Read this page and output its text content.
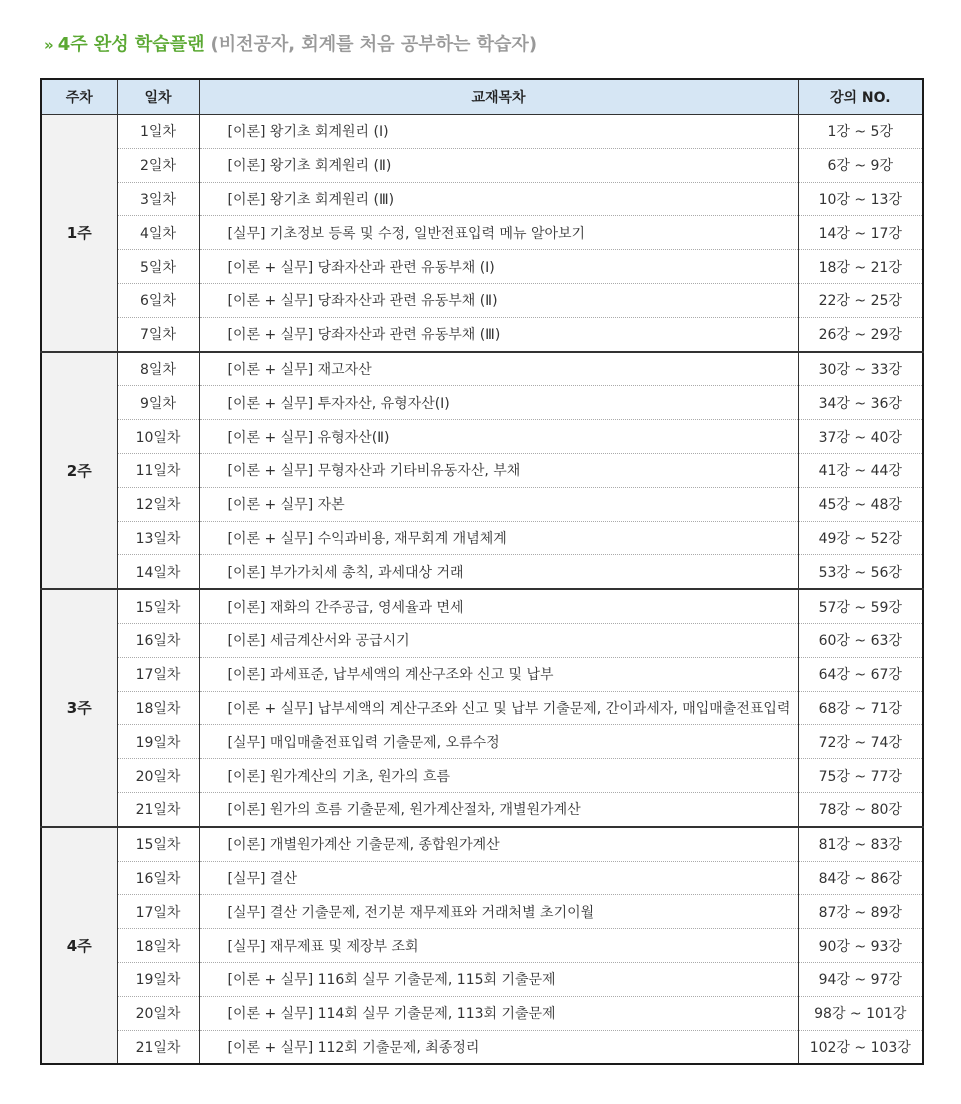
» 4주 완성 학습플랜 (비전공자, 회계를 처음 공부하는 학습자)
주차	일차	교재목차	강의 NO.
1주	1일차	[이론] 왕기초 회계원리 (Ⅰ)	1강 ~ 5강
	2일차	[이론] 왕기초 회계원리 (Ⅱ)	6강 ~ 9강
	3일차	[이론] 왕기초 회계원리 (Ⅲ)	10강 ~ 13강
	4일차	[실무] 기초정보 등록 및 수정, 일반전표입력 메뉴 알아보기	14강 ~ 17강
	5일차	[이론 + 실무] 당좌자산과 관련 유동부채 (Ⅰ)	18강 ~ 21강
	6일차	[이론 + 실무] 당좌자산과 관련 유동부채 (Ⅱ)	22강 ~ 25강
	7일차	[이론 + 실무] 당좌자산과 관련 유동부채 (Ⅲ)	26강 ~ 29강
2주	8일차	[이론 + 실무] 재고자산	30강 ~ 33강
	9일차	[이론 + 실무] 투자자산, 유형자산(Ⅰ)	34강 ~ 36강
	10일차	[이론 + 실무] 유형자산(Ⅱ)	37강 ~ 40강
	11일차	[이론 + 실무] 무형자산과 기타비유동자산, 부채	41강 ~ 44강
	12일차	[이론 + 실무] 자본	45강 ~ 48강
	13일차	[이론 + 실무] 수익과비용, 재무회계 개념체계	49강 ~ 52강
	14일차	[이론] 부가가치세 총칙, 과세대상 거래	53강 ~ 56강
3주	15일차	[이론] 재화의 간주공급, 영세율과 면세	57강 ~ 59강
	16일차	[이론] 세금계산서와 공급시기	60강 ~ 63강
	17일차	[이론] 과세표준, 납부세액의 계산구조와 신고 및 납부	64강 ~ 67강
	18일차	[이론 + 실무] 납부세액의 계산구조와 신고 및 납부 기출문제, 간이과세자, 매입매출전표입력	68강 ~ 71강
	19일차	[실무] 매입매출전표입력 기출문제, 오류수정	72강 ~ 74강
	20일차	[이론] 원가계산의 기초, 원가의 흐름	75강 ~ 77강
	21일차	[이론] 원가의 흐름 기출문제, 원가계산절차, 개별원가계산	78강 ~ 80강
4주	15일차	[이론] 개별원가계산 기출문제, 종합원가계산	81강 ~ 83강
	16일차	[실무] 결산	84강 ~ 86강
	17일차	[실무] 결산 기출문제, 전기분 재무제표와 거래처별 초기이월	87강 ~ 89강
	18일차	[실무] 재무제표 및 제장부 조회	90강 ~ 93강
	19일차	[이론 + 실무] 116회 실무 기출문제, 115회 기출문제	94강 ~ 97강
	20일차	[이론 + 실무] 114회 실무 기출문제, 113회 기출문제	98강 ~ 101강
	21일차	[이론 + 실무] 112회 기출문제, 최종정리	102강 ~ 103강
